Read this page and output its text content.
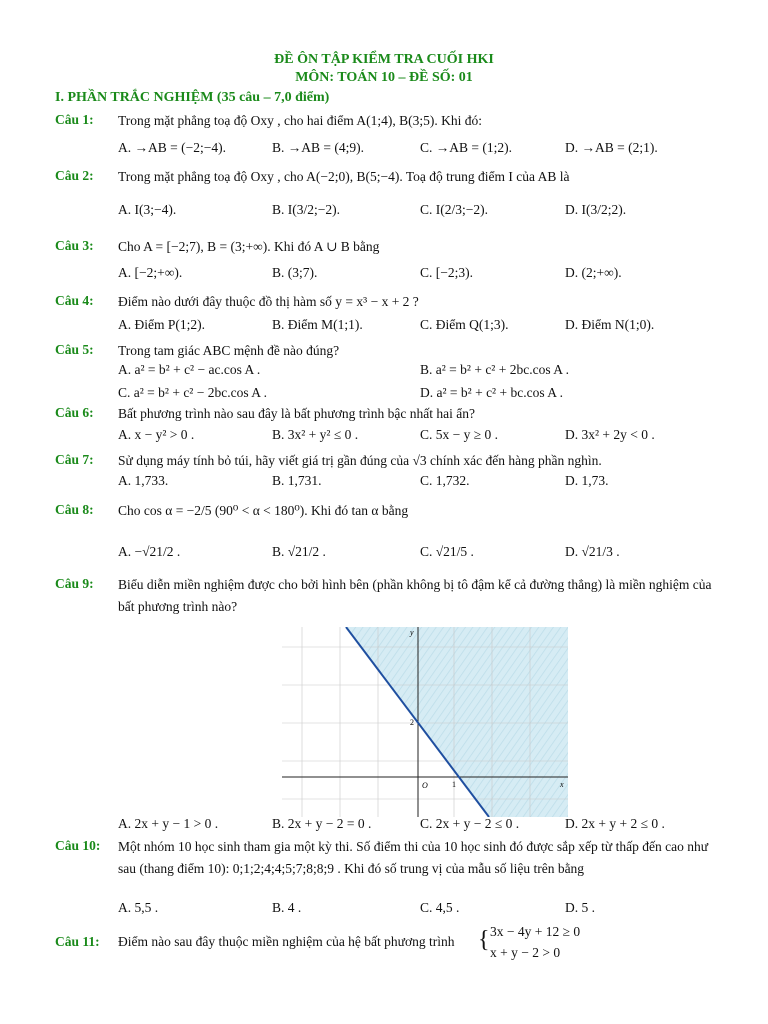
ĐỀ ÔN TẬP KIỂM TRA CUỐI HKI
MÔN: TOÁN 10 – ĐỀ SỐ: 01
I. PHẦN TRẮC NGHIỆM (35 câu – 7,0 điểm)
Câu 1: Trong mặt phẳng toạ độ Oxy , cho hai điểm A(1;4), B(3;5). Khi đó:
A. →AB = (−2;−4).	B. →AB = (4;9).	C. →AB = (1;2).	D. →AB = (2;1).
Câu 2: Trong mặt phẳng toạ độ Oxy , cho A(−2;0), B(5;−4). Toạ độ trung điểm I của AB là
A. I(3;−4).	B. I(3/2;−2).	C. I(2/3;−2).	D. I(3/2;2).
Câu 3: Cho A = [−2;7), B = (3;+∞). Khi đó A ∪ B bằng
A. [−2;+∞).	B. (3;7).	C. [−2;3).	D. (2;+∞).
Câu 4: Điểm nào dưới đây thuộc đồ thị hàm số y = x³ − x + 2 ?
A. Điểm P(1;2).	B. Điểm M(1;1).	C. Điểm Q(1;3).	D. Điểm N(1;0).
Câu 5: Trong tam giác ABC mệnh đề nào đúng?
A. a² = b² + c² − ac.cos A .	B. a² = b² + c² + 2bc.cos A .
C. a² = b² + c² − 2bc.cos A .	D. a² = b² + c² + bc.cos A .
Câu 6: Bất phương trình nào sau đây là bất phương trình bậc nhất hai ẩn?
A. x − y² > 0 .	B. 3x² + y² ≤ 0 .	C. 5x − y ≥ 0 .	D. 3x² + 2y < 0 .
Câu 7: Sử dụng máy tính bỏ túi, hãy viết giá trị gần đúng của √3 chính xác đến hàng phần nghìn.
A. 1,733.	B. 1,731.	C. 1,732.	D. 1,73.
Câu 8: Cho cos α = −2/5 (90⁰ < α < 180⁰). Khi đó tan α bằng
A. −√21/2 .	B. √21/2 .	C. √21/5 .	D. √21/3 .
Câu 9: Biểu diễn miền nghiệm được cho bởi hình bên (phần không bị tô đậm kể cả đường thẳng) là miền nghiệm của bất phương trình nào?
y
x
O	1
2
A. 2x + y − 1 > 0 .	B. 2x + y − 2 = 0 .	C. 2x + y − 2 ≤ 0 .	D. 2x + y + 2 ≤ 0 .
Câu 10: Một nhóm 10 học sinh tham gia một kỳ thi. Số điểm thi của 10 học sinh đó được sắp xếp từ thấp đến cao như sau (thang điểm 10): 0;1;2;4;4;5;7;8;8;9 . Khi đó số trung vị của mẫu số liệu trên bằng
A. 5,5 .	B. 4 .	C. 4,5 .	D. 5 .
Câu 11: Điểm nào sau đây thuộc miền nghiệm của hệ bất phương trình { 3x − 4y + 12 ≥ 0
x + y − 2 > 0
